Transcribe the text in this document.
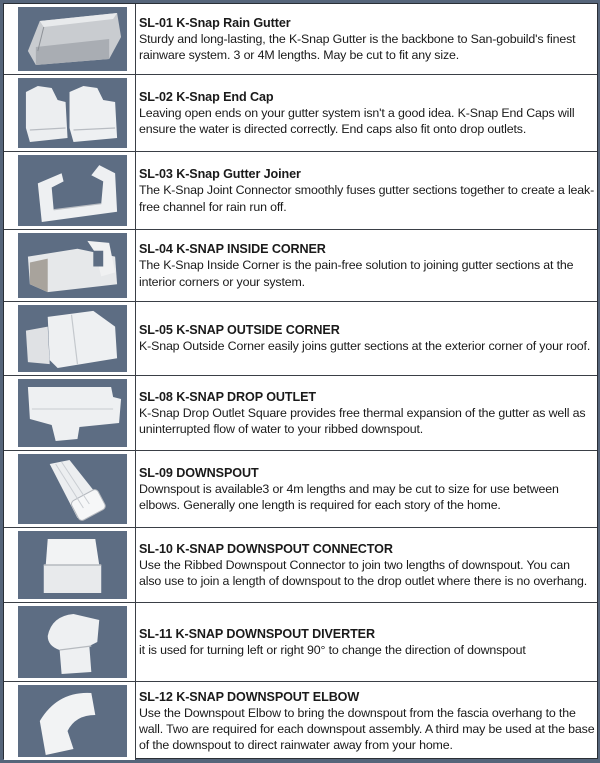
SL-01 K-Snap Rain Gutter
Sturdy and long-lasting, the K-Snap Gutter is the backbone to San-gobuild's finest rainware system. 3 or 4M lengths. May be cut to fit any size.
SL-02 K-Snap End Cap
Leaving open ends on your gutter system isn't a good idea. K-Snap End Caps will ensure the water is directed correctly. End caps also fit onto drop outlets.
SL-03 K-Snap Gutter Joiner
The K-Snap Joint Connector smoothly fuses gutter sections together to create a leak-free channel for rain run off.
SL-04 K-SNAP INSIDE CORNER
The K-Snap Inside Corner is the pain-free solution to joining gutter sections at the interior corners or your system.
SL-05 K-SNAP OUTSIDE CORNER
K-Snap Outside Corner easily joins gutter sections at the exterior corner of your roof.
SL-08 K-SNAP DROP OUTLET
K-Snap Drop Outlet Square provides free thermal expansion of the gutter as well as uninterrupted flow of water to your ribbed downspout.
SL-09 DOWNSPOUT
Downspout is available3 or 4m lengths and may be cut to size for use between elbows. Generally one length is required for each story of the home.
SL-10 K-SNAP DOWNSPOUT CONNECTOR
Use the Ribbed Downspout Connector to join two lengths of downspout. You can also use to join a length of downspout to the drop outlet where there is no overhang.
SL-11 K-SNAP DOWNSPOUT DIVERTER
it is used for turning left or right 90° to change the direction of downspout
SL-12 K-SNAP DOWNSPOUT ELBOW
Use the Downspout Elbow to bring the downspout from the fascia overhang to the wall. Two are required for each downspout assembly. A third may be used at the base of the downspout to direct rainwater away from your home.
